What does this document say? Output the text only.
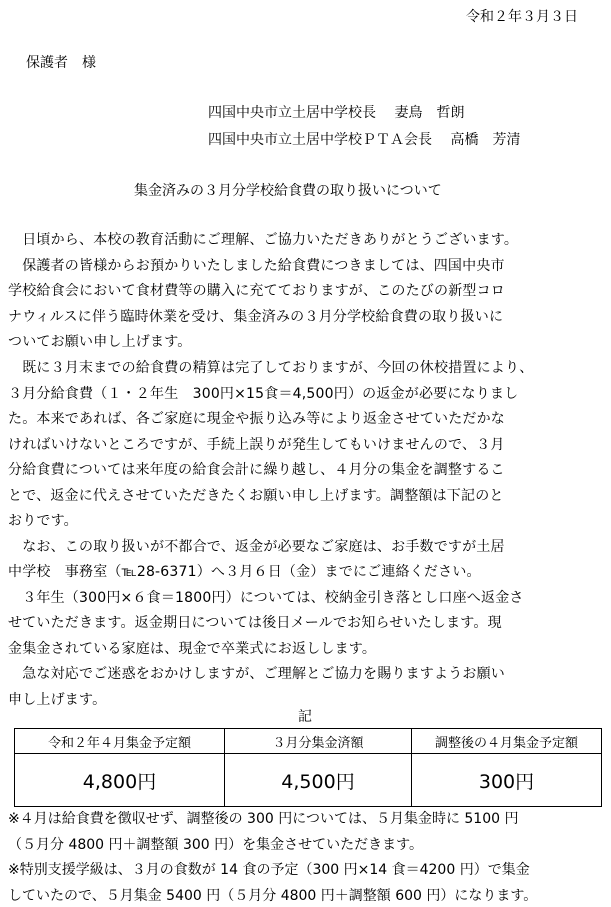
令和２年３月３日
保護者　様
四国中央市立土居中学校長　 妻鳥　哲朗
四国中央市立土居中学校ＰＴＡ会長　 高橋　芳清
集金済みの３月分学校給食費の取り扱いについて
　日頃から、本校の教育活動にご理解、ご協力いただきありがとうございます。
　保護者の皆様からお預かりいたしました給食費につきましては、四国中央市
学校給食会において食材費等の購入に充てておりますが、このたびの新型コロ
ナウィルスに伴う臨時休業を受け、集金済みの３月分学校給食費の取り扱いに
ついてお願い申し上げます。
　既に３月末までの給食費の精算は完了しておりますが、今回の休校措置により、
３月分給食費（１・２年生　300円×15食＝4,500円）の返金が必要になりまし
た。本来であれば、各ご家庭に現金や振り込み等により返金させていただかな
ければいけないところですが、手続上誤りが発生してもいけませんので、３月
分給食費については来年度の給食会計に繰り越し、４月分の集金を調整するこ
とで、返金に代えさせていただきたくお願い申し上げます。調整額は下記のと
おりです。
　なお、この取り扱いが不都合で、返金が必要なご家庭は、お手数ですが土居
中学校　事務室（℡28-6371）へ３月６日（金）までにご連絡ください。
　３年生（300円×６食＝1800円）については、校納金引き落とし口座へ返金さ
せていただきます。返金期日については後日メールでお知らせいたします。現
金集金されている家庭は、現金で卒業式にお返しします。
　急な対応でご迷惑をおかけしますが、ご理解とご協力を賜りますようお願い
申し上げます。
記
令和２年４月集金予定額	３月分集金済額	調整後の４月集金予定額
4,800円	4,500円	300円
※４月は給食費を徴収せず、調整後の 300 円については、５月集金時に 5100 円
（５月分 4800 円＋調整額 300 円）を集金させていただきます。
※特別支援学級は、３月の食数が 14 食の予定（300 円×14 食＝4200 円）で集金
していたので、５月集金 5400 円（５月分 4800 円＋調整額 600 円）になります。
